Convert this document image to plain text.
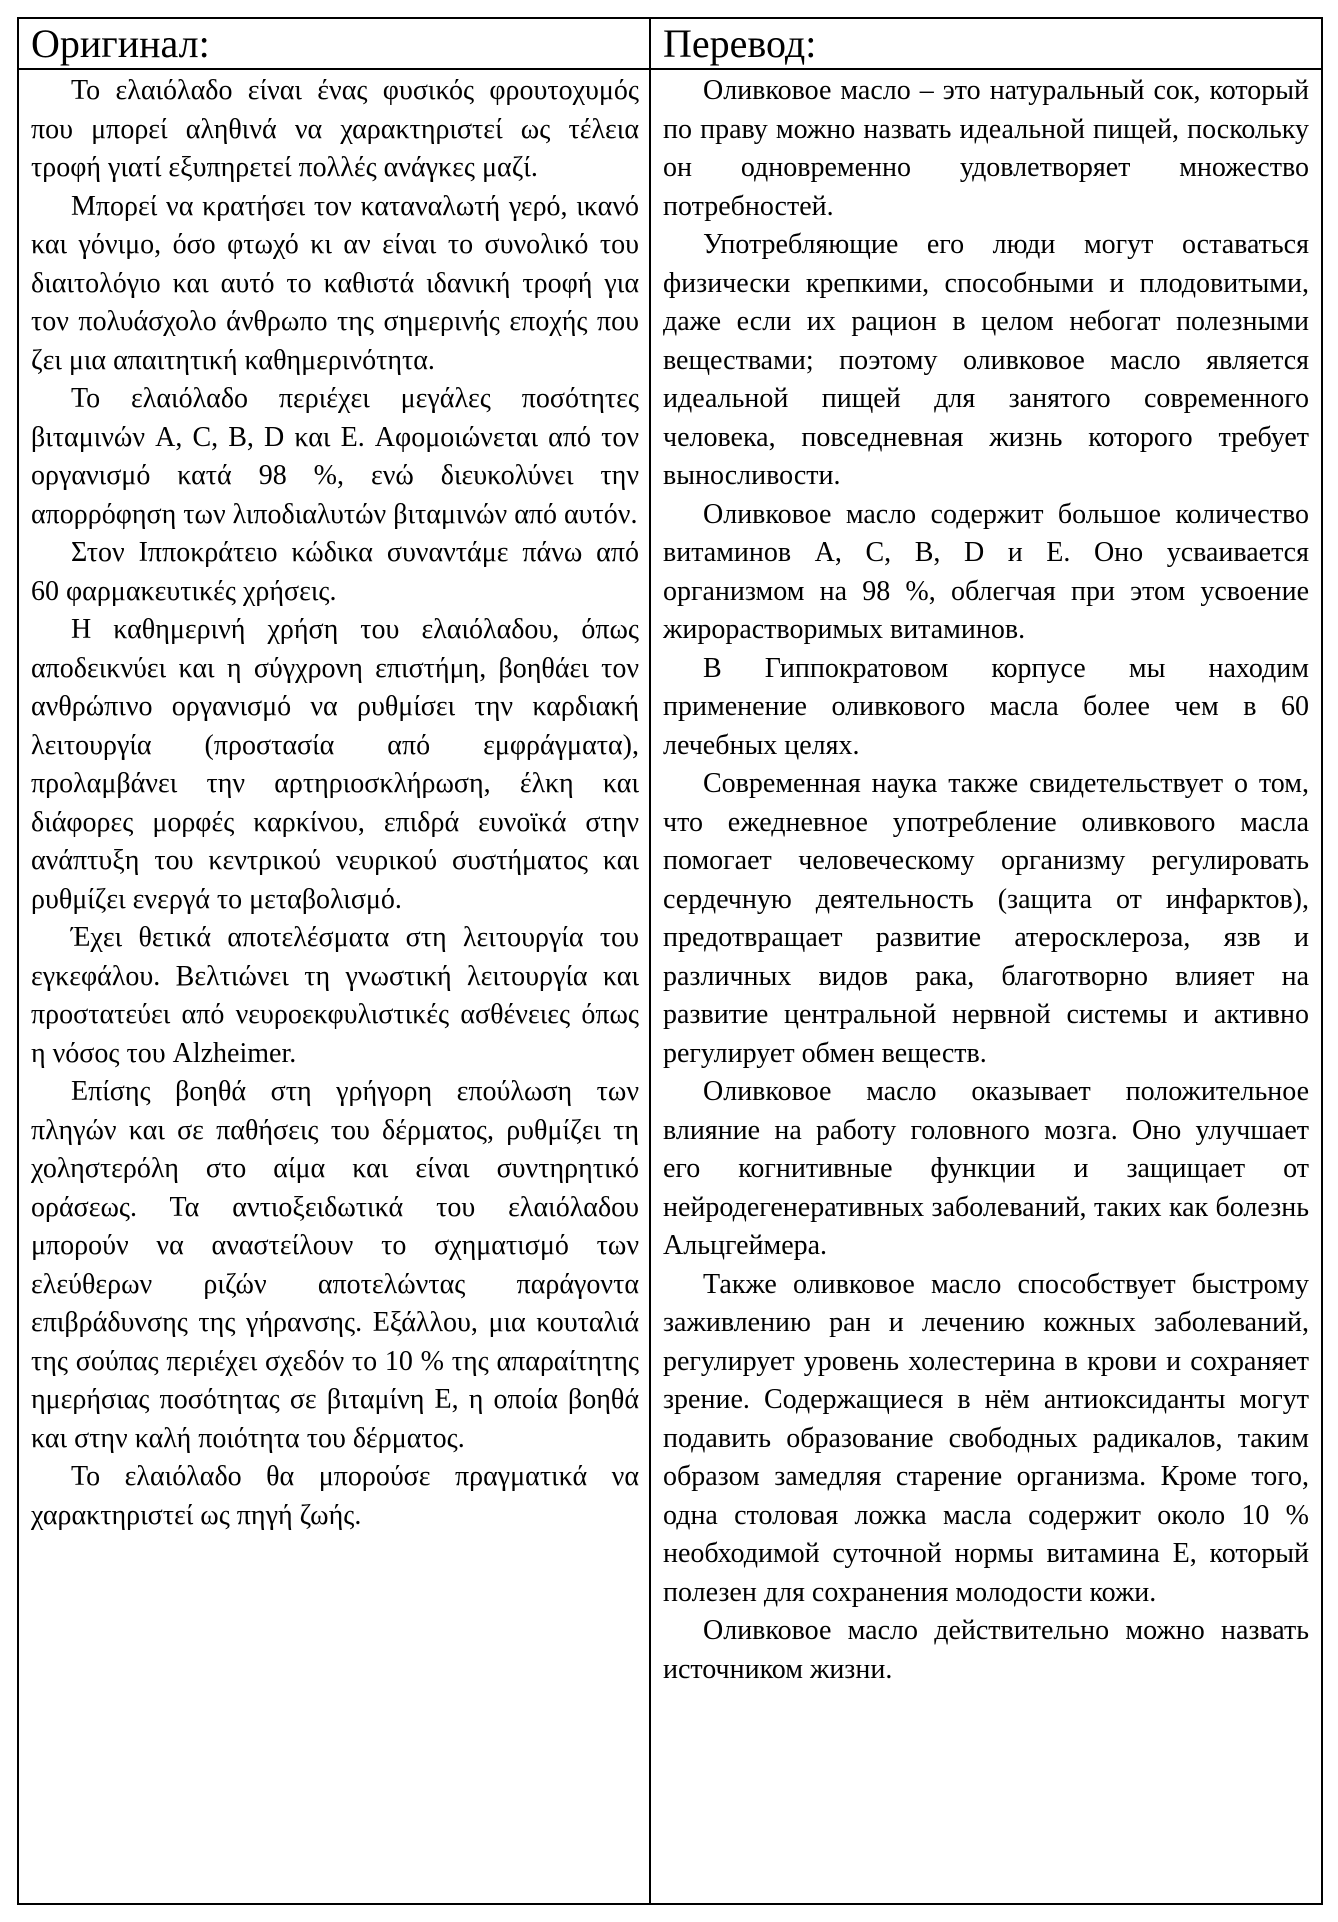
Оригинал:	Перевод:

Το ελαιόλαδο είναι ένας φυσικός φρουτοχυμός που μπορεί αληθινά να χαρακτηριστεί ως τέλεια τροφή γιατί εξυπηρετεί πολλές ανάγκες μαζί.

Μπορεί να κρατήσει τον καταναλωτή γερό, ικανό και γόνιμο, όσο φτωχό κι αν είναι το συνολικό του διαιτολόγιο και αυτό το καθιστά ιδανική τροφή για τον πολυάσχολο άνθρωπο της σημερινής εποχής που ζει μια απαιτητική καθημερινότητα.

Το ελαιόλαδο περιέχει μεγάλες ποσότητες βιταμινών A, C, B, D και E. Αφομοιώνεται από τον οργανισμό κατά 98 %, ενώ διευκολύνει την απορρόφηση των λιποδιαλυτών βιταμινών από αυτόν.

Στον Ιπποκράτειο κώδικα συναντάμε πάνω από 60 φαρμακευτικές χρήσεις.

Η καθημερινή χρήση του ελαιόλαδου, όπως αποδεικνύει και η σύγχρονη επιστήμη, βοηθάει τον ανθρώπινο οργανισμό να ρυθμίσει την καρδιακή λειτουργία (προστασία από εμφράγματα), προλαμβάνει την αρτηριοσκλήρωση, έλκη και διάφορες μορφές καρκίνου, επιδρά ευνοϊκά στην ανάπτυξη του κεντρικού νευρικού συστήματος και ρυθμίζει ενεργά το μεταβολισμό.

Έχει θετικά αποτελέσματα στη λειτουργία του εγκεφάλου. Βελτιώνει τη γνωστική λειτουργία και προστατεύει από νευροεκφυλιστικές ασθένειες όπως η νόσος του Alzheimer.

Επίσης βοηθά στη γρήγορη επούλωση των πληγών και σε παθήσεις του δέρματος, ρυθμίζει τη χοληστερόλη στο αίμα και είναι συντηρητικό οράσεως. Τα αντιοξειδωτικά του ελαιόλαδου μπορούν να αναστείλουν το σχηματισμό των ελεύθερων ριζών αποτελώντας παράγοντα επιβράδυνσης της γήρανσης. Εξάλλου, μια κουταλιά της σούπας περιέχει σχεδόν το 10 % της απαραίτητης ημερήσιας ποσότητας σε βιταμίνη Ε, η οποία βοηθά και στην καλή ποιότητα του δέρματος.

Το ελαιόλαδο θα μπορούσε πραγματικά να χαρακτηριστεί ως πηγή ζωής.

Оливковое масло – это натуральный сок, который по праву можно назвать идеальной пищей, поскольку он одновременно удовлетворяет множество потребностей.

Употребляющие его люди могут оставаться физически крепкими, способными и плодовитыми, даже если их рацион в целом небогат полезными веществами; поэтому оливковое масло является идеальной пищей для занятого современного человека, повседневная жизнь которого требует выносливости.

Оливковое масло содержит большое количество витаминов A, C, B, D и E. Оно усваивается организмом на 98 %, облегчая при этом усвоение жирорастворимых витаминов.

В Гиппократовом корпусе мы находим применение оливкового масла более чем в 60 лечебных целях.

Современная наука также свидетельствует о том, что ежедневное употребление оливкового масла помогает человеческому организму регулировать сердечную деятельность (защита от инфарктов), предотвращает развитие атеросклероза, язв и различных видов рака, благотворно влияет на развитие центральной нервной системы и активно регулирует обмен веществ.

Оливковое масло оказывает положительное влияние на работу головного мозга. Оно улучшает его когнитивные функции и защищает от нейродегенеративных заболеваний, таких как болезнь Альцгеймера.

Также оливковое масло способствует быстрому заживлению ран и лечению кожных заболеваний, регулирует уровень холестерина в крови и сохраняет зрение. Содержащиеся в нём антиоксиданты могут подавить образование свободных радикалов, таким образом замедляя старение организма. Кроме того, одна столовая ложка масла содержит около 10 % необходимой суточной нормы витамина Е, который полезен для сохранения молодости кожи.

Оливковое масло действительно можно назвать источником жизни.
